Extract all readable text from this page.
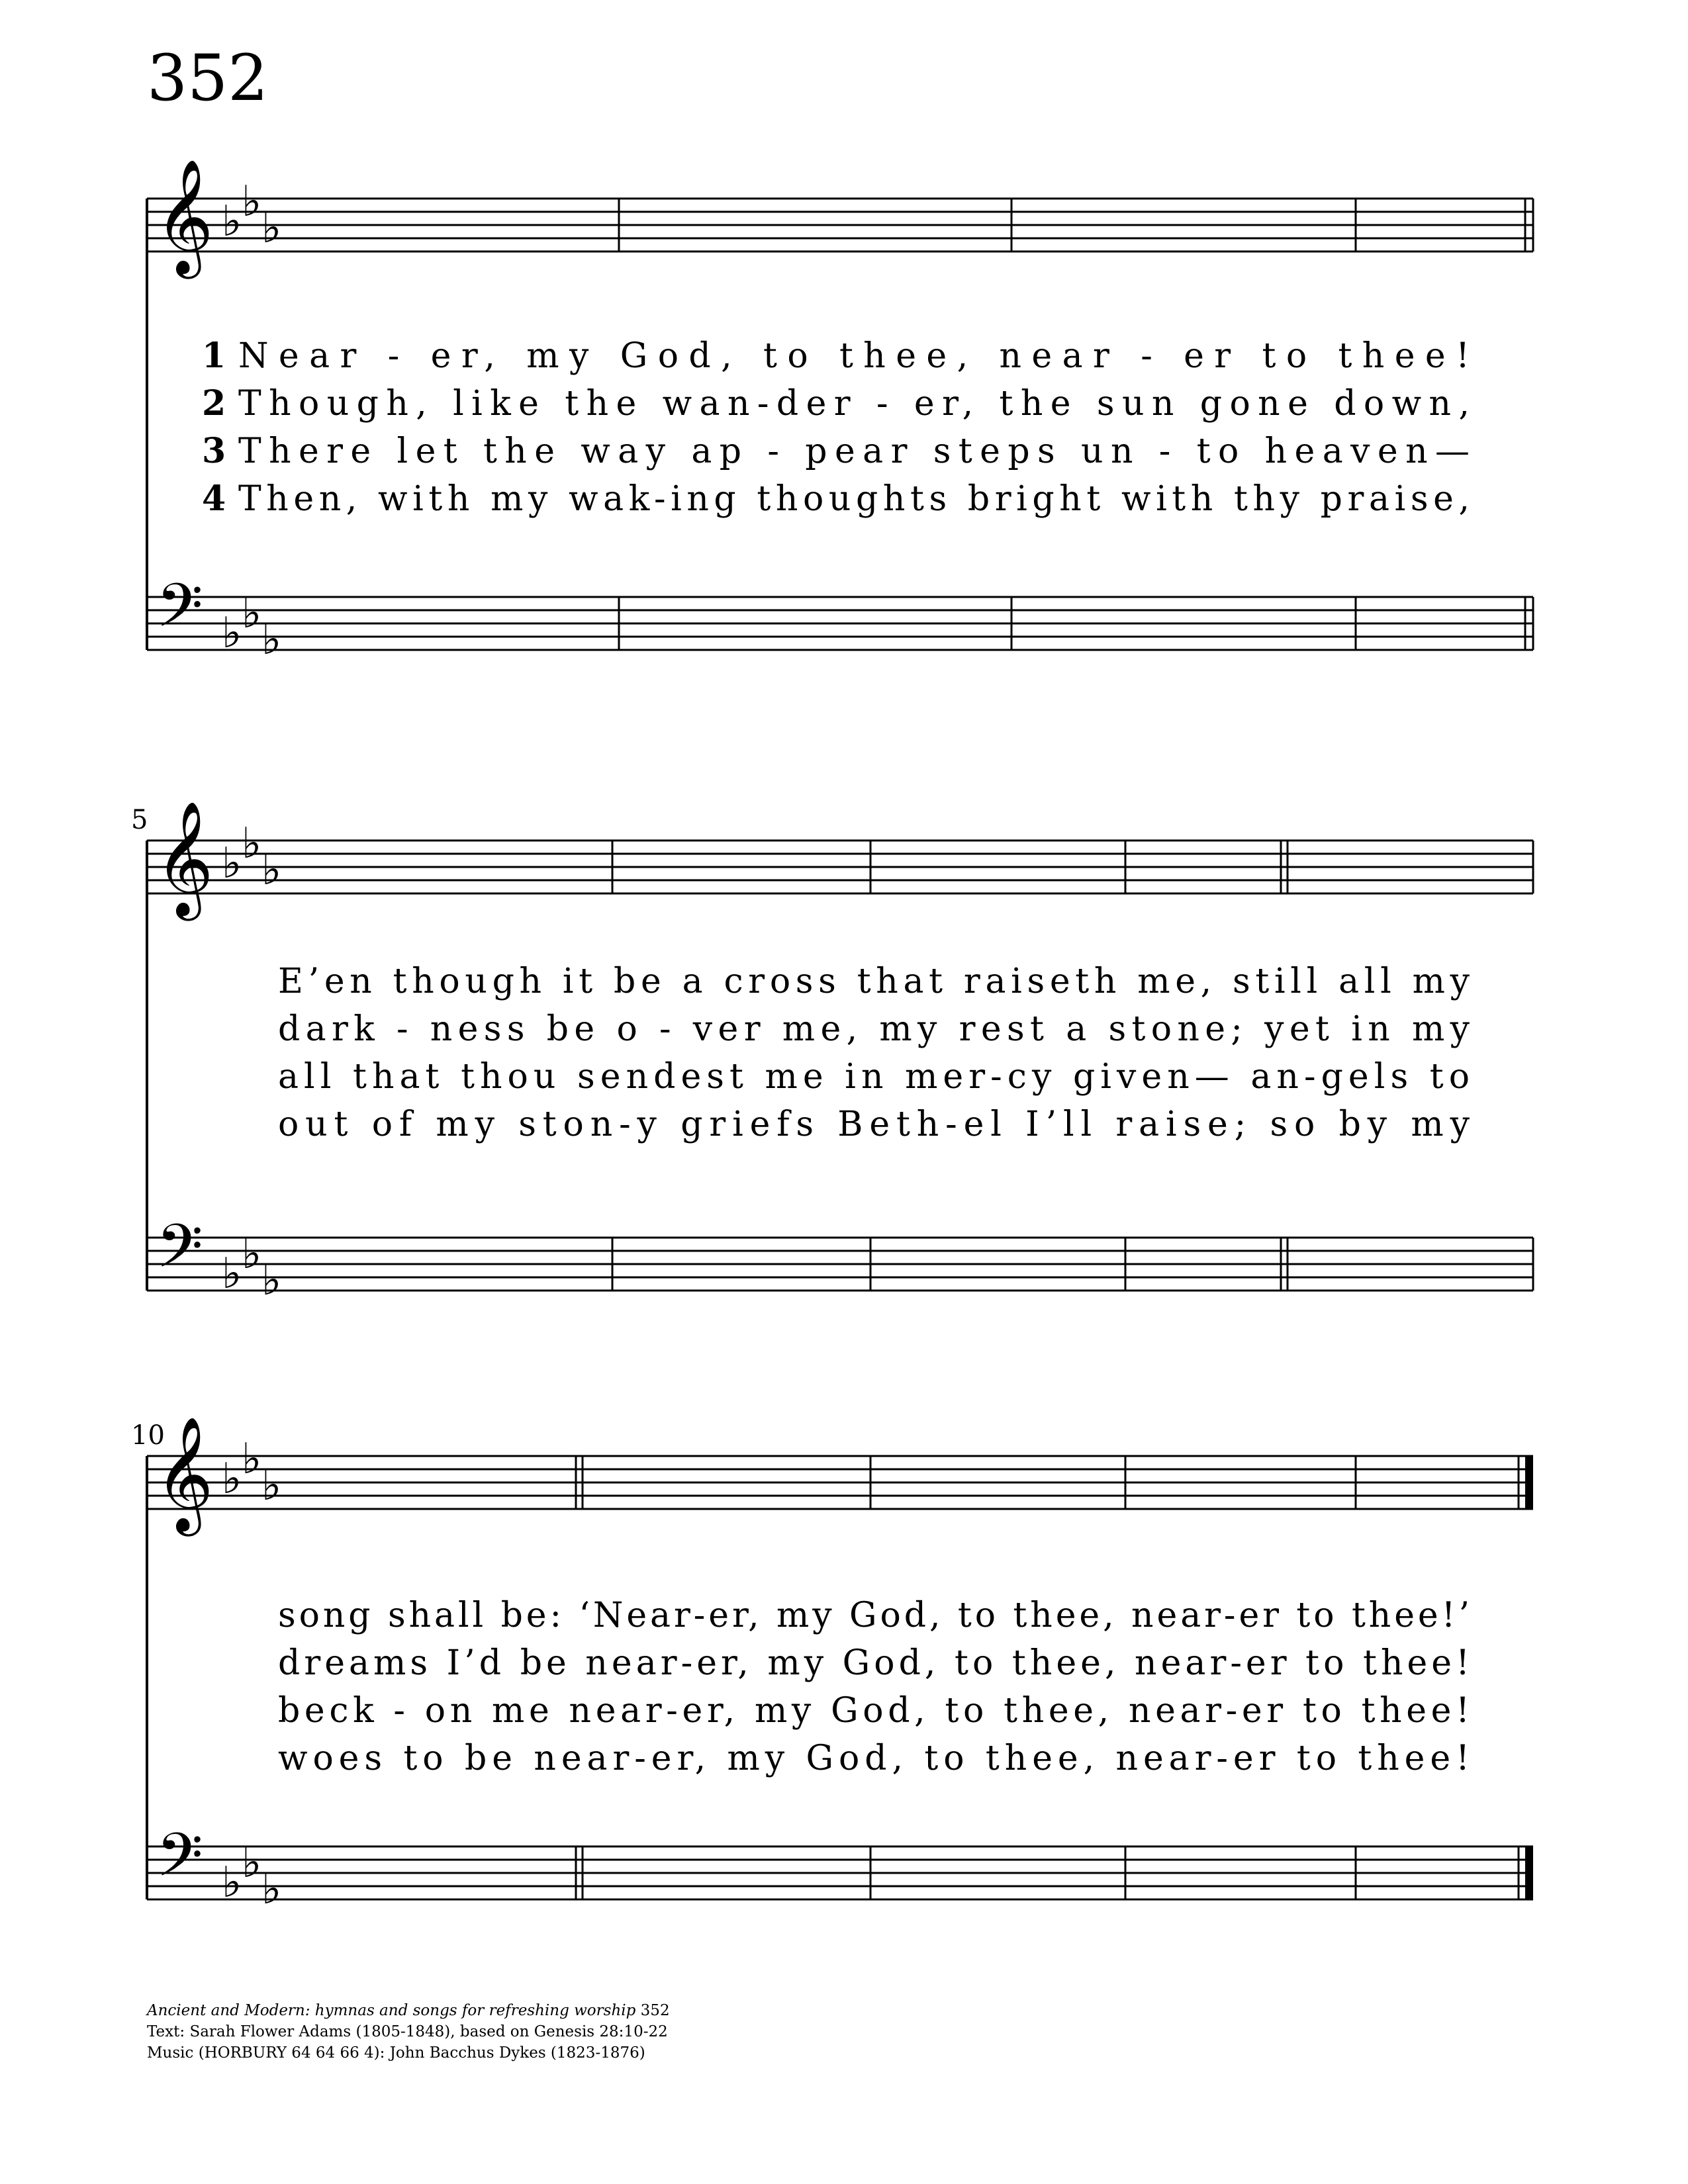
352
𝄞
𝄢
♭ ♭
♭
♭ ♭
♭
1 Near - er, my God, to thee, near - er to thee!
2 Though, like the wan-der - er, the sun gone down,
3 There let the way ap - pear steps un - to heaven—
4 Then, with my wak-ing thoughts bright with thy praise,
𝄞
𝄢
♭ ♭
♭
♭ ♭
♭
5
E’en though it be a cross that raiseth me, still all my
dark - ness be o - ver me, my rest a stone; yet in my
all that thou sendest me in mer-cy given— an-gels to
out of my ston-y griefs Beth-el I’ll raise; so by my
𝄞
𝄢
♭ ♭
♭
♭ ♭
♭
10
song shall be: ‘Near-er, my God, to thee, near-er to thee!’
dreams I’d be near-er, my God, to thee, near-er to thee!
beck - on me near-er, my God, to thee, near-er to thee!
woes to be near-er, my God, to thee, near-er to thee!
Ancient and Modern: hymnas and songs for refreshing worship 352
Text: Sarah Flower Adams (1805-1848), based on Genesis 28:10-22
Music (HORBURY 64 64 66 4): John Bacchus Dykes (1823-1876)
